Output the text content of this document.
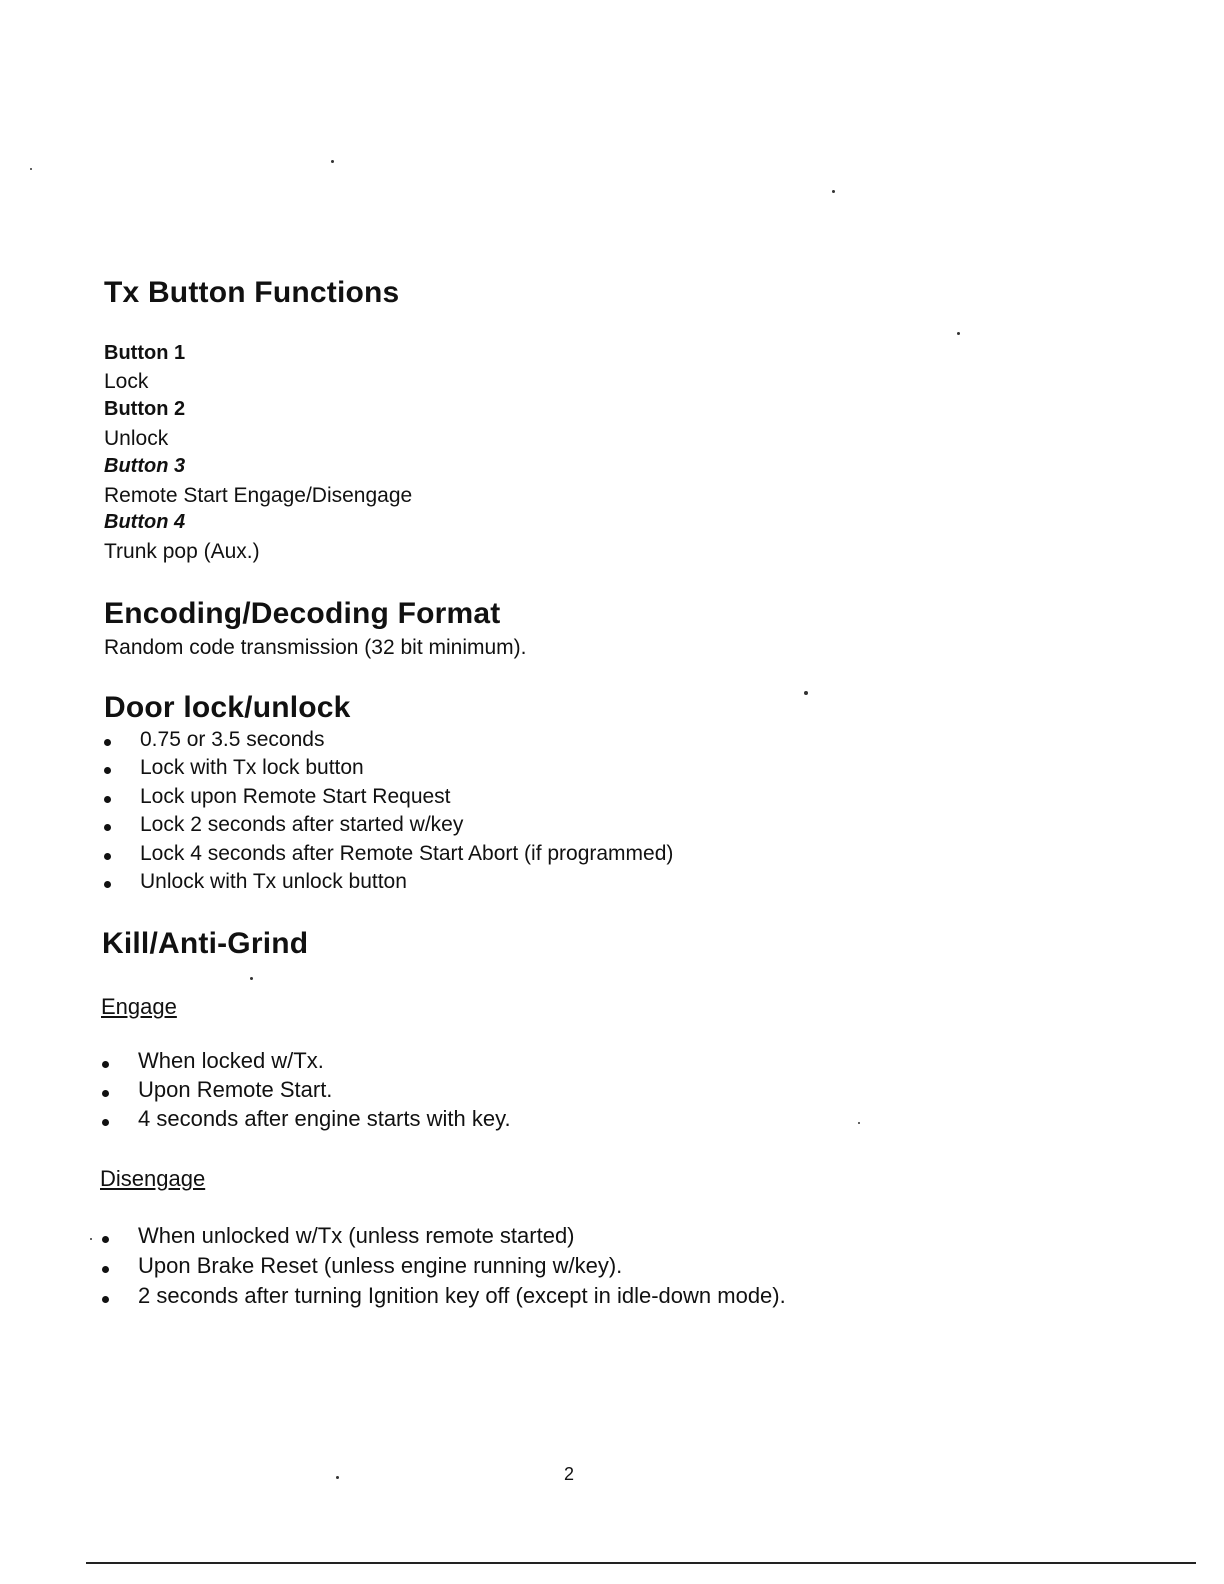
Tx Button Functions
Button 1
Lock
Button 2
Unlock
Button 3
Remote Start Engage/Disengage
Button 4
Trunk pop (Aux.)
Encoding/Decoding Format
Random code transmission (32 bit minimum).
Door lock/unlock
0.75 or 3.5 seconds
Lock with Tx lock button
Lock upon Remote Start Request
Lock 2 seconds after started w/key
Lock 4 seconds after Remote Start Abort (if programmed)
Unlock with Tx unlock button
Kill/Anti-Grind
Engage
When locked w/Tx.
Upon Remote Start.
4 seconds after engine starts with key.
Disengage
When unlocked w/Tx (unless remote started)
Upon Brake Reset (unless engine running w/key).
2 seconds after turning Ignition key off (except in idle-down mode).
2
